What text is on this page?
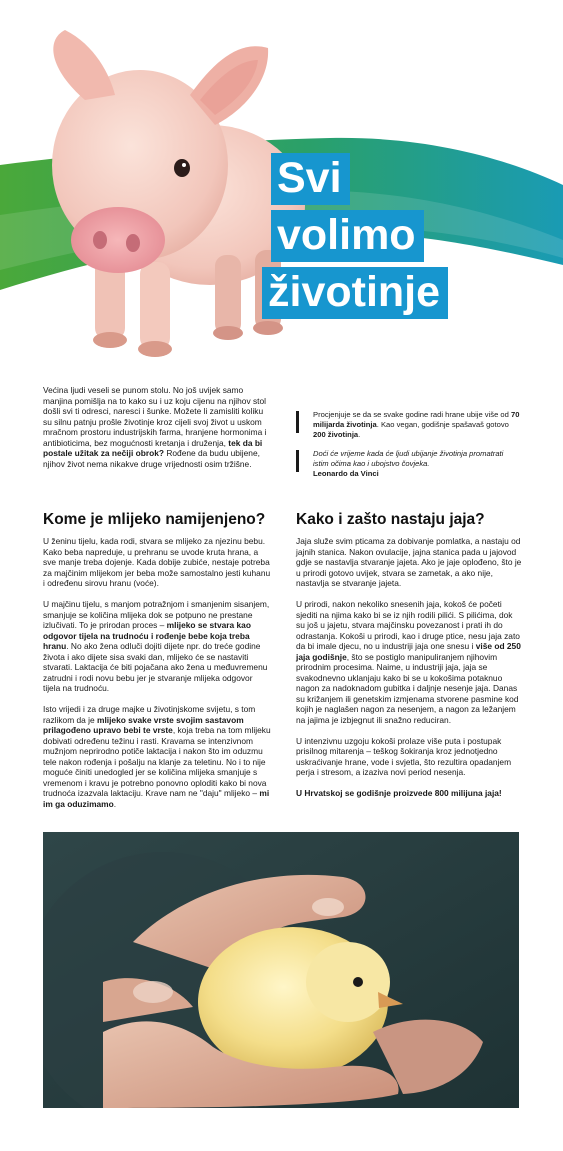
Svi
volimo
životinje

Većina ljudi veseli se punom stolu. No još uvijek samo manjina pomišlja na to kako su i uz koju cijenu na njihov stol došli svi ti odresci, naresci i šunke. Možete li zamisliti koliku su silnu patnju prošle životinje kroz cijeli svoj život u uskom mračnom prostoru industrijskih farma, hranjene hormonima i antibioticima, bez mogućnosti kretanja i druženja, tek da bi postale užitak za nečiji obrok? Rođene da budu ubijene, njihov život nema nikakve druge vrijednosti osim tržišne.

Procjenjuje se da se svake godine radi hrane ubije više od 70 milijarda životinja. Kao vegan, godišnje spašavaš gotovo 200 životinja.

Doći će vrijeme kada će ljudi ubijanje životinja promatrati istim očima kao i ubojstvo čovjeka.

Leonardo da Vinci

Kome je mlijeko namijenjeno?

U ženinu tijelu, kada rodi, stvara se mlijeko za njezinu bebu. Kako beba napreduje, u prehranu se uvode kruta hrana, a sve manje treba dojenje. Kada dobije zubiće, nestaje potreba za majčinim mlijekom jer beba može samostalno jesti kuhanu i određenu sirovu hranu (voće).

U majčinu tijelu, s manjom potražnjom i smanjenim sisanjem, smanjuje se količina mlijeka dok se potpuno ne prestane izlučivati. To je prirodan proces – mlijeko se stvara kao odgovor tijela na trudnoću i rođenje bebe koja treba hranu. No ako žena odluči dojiti dijete npr. do treće godine života i ako dijete sisa svaki dan, mlijeko će se nastaviti stvarati. Laktacija će biti pojačana ako žena u međuvremenu zatrudni i rodi novu bebu jer je stvaranje mlijeka odgovor tijela na trudnoću.

Isto vrijedi i za druge majke u životinjskome svijetu, s tom razlikom da je mlijeko svake vrste svojim sastavom prilagođeno upravo bebi te vrste, koja treba na tom mlijeku dobivati određenu težinu i rasti. Kravama se intenzivnom mužnjom neprirodno potiče laktacija i nakon što im oduzmu tele nakon rođenja i pošalju na klanje za teletinu. No i to nije moguće činiti unedogled jer se količina mlijeka smanjuje s vremenom i kravu je potrebno ponovno oploditi kako bi nova trudnoća izazvala laktaciju. Krave nam ne "daju" mlijeko – mi im ga oduzimamo.

Kako i zašto nastaju jaja?

Jaja služe svim pticama za dobivanje pomlatka, a nastaju od jajnih stanica. Nakon ovulacije, jajna stanica pada u jajovod gdje se nastavlja stvaranje jajeta. Ako je jaje oplođeno, što je u prirodi gotovo uvijek, stvara se zametak, a ako nije, nastavlja se stvaranje jajeta.

U prirodi, nakon nekoliko snesenih jaja, kokoš će početi sjediti na njima kako bi se iz njih rodili pilići. S pilićima, dok su još u jajetu, stvara majčinsku povezanost i prati ih do odrastanja. Kokoši u prirodi, kao i druge ptice, nesu jaja zato da bi imale djecu, no u industriji jaja one snesu i više od 250 jaja godišnje, što se postiglo manipuliranjem njihovim prirodnim procesima. Naime, u industriji jaja, jaja se svakodnevno uklanjaju kako bi se u kokošima potaknuo nagon za nadoknadom gubitka i daljnje nesenje jaja. Danas su križanjem ili genetskim izmjenama stvorene pasmine kod kojih je naglašen nagon za nesenjem, a nagon za ležanjem na jajima je izbjegnut ili snažno reduciran.

U intenzivnu uzgoju kokoši prolaze više puta i postupak prisilnog mitarenja – teškog šokiranja kroz jednotjedno uskraćivanje hrane, vode i svjetla, što rezultira opadanjem perja i stresom, a izaziva novi period nesenja.

U Hrvatskoj se godišnje proizvede 800 milijuna jaja!
